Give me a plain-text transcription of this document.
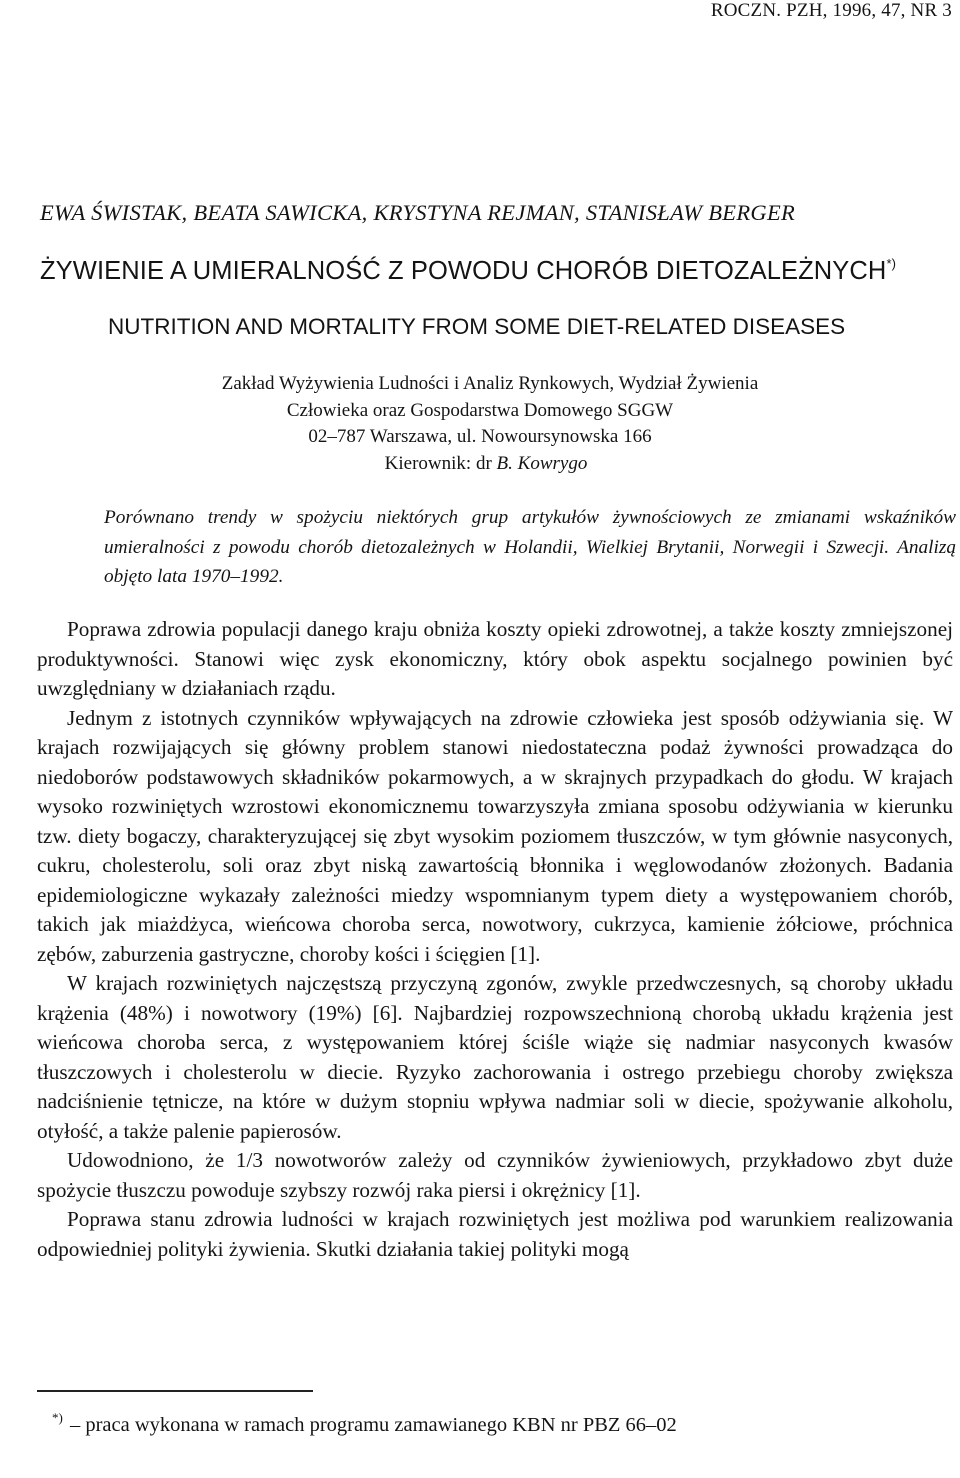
ROCZN. PZH, 1996, 47, NR 3
EWA ŚWISTAK, BEATA SAWICKA, KRYSTYNA REJMAN, STANISŁAW BERGER
ŻYWIENIE A UMIERALNOŚĆ Z POWODU CHORÓB DIETOZALEŻNYCH*)
NUTRITION AND MORTALITY FROM SOME DIET-RELATED DISEASES
Zakład Wyżywienia Ludności i Analiz Rynkowych, Wydział Żywienia
Człowieka oraz Gospodarstwa Domowego SGGW
02–787 Warszawa, ul. Nowoursynowska 166
Kierownik: dr B. Kowrygo
Porównano trendy w spożyciu niektórych grup artykułów żywnościowych ze zmianami wskaźników umieralności z powodu chorób dietozależnych w Holandii, Wielkiej Brytanii, Norwegii i Szwecji. Analizą objęto lata 1970–1992.

Poprawa zdrowia populacji danego kraju obniża koszty opieki zdrowotnej, a także koszty zmniejszonej produktywności. Stanowi więc zysk ekonomiczny, który obok aspektu socjalnego powinien być uwzględniany w działaniach rządu.

Jednym z istotnych czynników wpływających na zdrowie człowieka jest sposób odżywiania się. W krajach rozwijających się główny problem stanowi niedostateczna podaż żywności prowadząca do niedoborów podstawowych składników pokarmowych, a w skrajnych przypadkach do głodu. W krajach wysoko rozwiniętych wzrostowi ekonomicznemu towarzyszyła zmiana sposobu odżywiania w kierunku tzw. diety bogaczy, charakteryzującej się zbyt wysokim poziomem tłuszczów, w tym głównie nasyconych, cukru, cholesterolu, soli oraz zbyt niską zawartością błonnika i węglowodanów złożonych. Badania epidemiologiczne wykazały zależności miedzy wspomnianym typem diety a występowaniem chorób, takich jak miażdżyca, wieńcowa choroba serca, nowotwory, cukrzyca, kamienie żółciowe, próchnica zębów, zaburzenia gastryczne, choroby kości i ścięgien [1].

W krajach rozwiniętych najczęstszą przyczyną zgonów, zwykle przedwczesnych, są choroby układu krążenia (48%) i nowotwory (19%) [6]. Najbardziej rozpowszechnioną chorobą układu krążenia jest wieńcowa choroba serca, z występowaniem której ściśle wiąże się nadmiar nasyconych kwasów tłuszczowych i cholesterolu w diecie. Ryzyko zachorowania i ostrego przebiegu choroby zwiększa nadciśnienie tętnicze, na które w dużym stopniu wpływa nadmiar soli w diecie, spożywanie alkoholu, otyłość, a także palenie papierosów.

Udowodniono, że 1/3 nowotworów zależy od czynników żywieniowych, przykładowo zbyt duże spożycie tłuszczu powoduje szybszy rozwój raka piersi i okrężnicy [1].

Poprawa stanu zdrowia ludności w krajach rozwiniętych jest możliwa pod warunkiem realizowania odpowiedniej polityki żywienia. Skutki działania takiej polityki mogą

*) – praca wykonana w ramach programu zamawianego KBN nr PBZ 66–02
